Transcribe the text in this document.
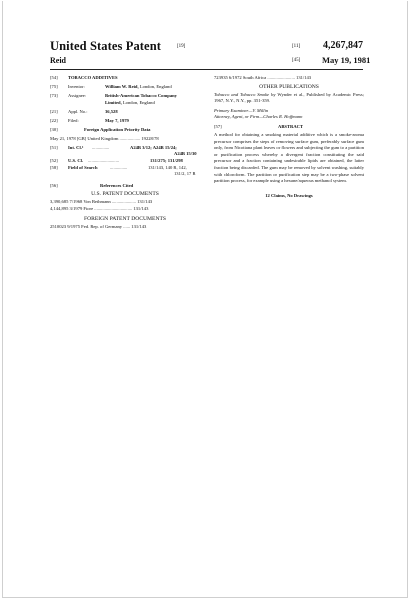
United States Patent	[19]
Reid
[11] 4,267,847
[45]	May 19, 1981
[54] TOBACCO ADDITIVES
[75] Inventor:	William W. Reid, London, England
[73] Assignee:	British-American Tobacco Company
Limited, London, England
[21] Appl. No.:	36,528
[22] Filed:	May 7, 1979
[30]	Foreign Application Priority Data
May 21, 1978 [GB] United Kingdom .................. 19228/78
[51] Int. Cl.³ ...............	A24B 3/12; A24B 15/24;
A24B 15/30
[52] U.S. Cl. ...........................	131/275; 131/298
[58] Field of Search	...............	131/143, 140 R, 142,
131/2, 17 R
[56]	References Cited
U.S. PATENT DOCUMENTS
3,390,685 7/1968 Von Bethmann ..................... 131/143
4,144,895 3/1979 Fiore ................................. 131/143
FOREIGN PATENT DOCUMENTS
2510023 9/1975 Fed. Rep. of Germany ...... 131/143
723935 6/1972 South Africa ........................ 131/143
OTHER PUBLICATIONS
Tobacco and Tobacco Smoke by Wynder et al., Published by Academic Press; 1967, N.Y., N.Y., pp. 351-359.
Primary Examiner—V. Millin
Attorney, Agent, or Firm—Charles R. Hoffmann
[57]	ABSTRACT
A method for obtaining a smoking material additive which is a smoke-aroma precursor comprises the steps of removing surface gum, preferably surface gum only, from Nicotiana plant leaves or flowers and subjecting the gum to a partition or purification process whereby a divergent fraction constituting the said precursor and a fraction containing undesirable lipids are obtained, the latter fraction being discarded. The gum may be removed by solvent washing, suitably with chloroform. The partition or purification step may be a two-phase solvent partition process, for example using a hexane/aqueous methanol system.
12 Claims, No Drawings
